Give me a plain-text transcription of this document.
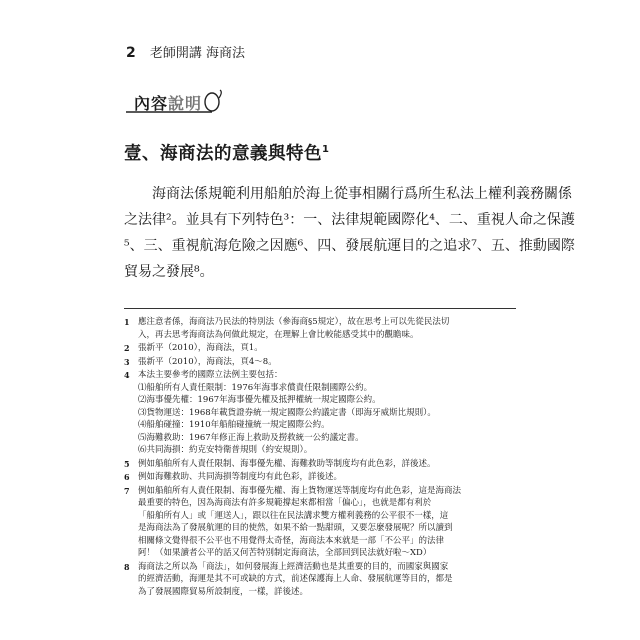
2 老師開講 海商法
內容說明
壹、海商法的意義與特色$^1$
海商法係規範利用船舶於海上從事相關行爲所生私法上權利義務關係
之法律²。並具有下列特色³：一、法律規範國際化⁴、二、重視人命之保護
⁵、三、重視航海危險之因應⁶、四、發展航運目的之追求⁷、五、推動國際
貿易之發展⁸。
1 應注意者係，海商法乃民法的特別法（參海商§5規定），故在思考上可以先從民法切
入，再去思考海商法為何做此規定，在理解上會比較能感受其中的觀瞻味。
2 張新平（2010），海商法，頁1。
3 張新平（2010），海商法，頁4～8。
4 本法主要參考的國際立法例主要包括：
⑴船舶所有人責任限制：1976年海事求償責任限制國際公約。
⑵海事優先權：1967年海事優先權及抵押權統一規定國際公約。
⑶貨物運送：1968年載貨證券統一規定國際公約議定書（即海牙威斯比規則）。
⑷船舶碰撞：1910年船舶碰撞統一規定國際公約。
⑸海難救助：1967年修正海上救助及撈救統一公約議定書。
⑹共同海損：約克安特衛普規則（約安規則）。
5 例如船舶所有人責任限制、海事優先權、海難救助等制度均有此色彩，詳後述。
6 例如海難救助、共同海損等制度均有此色彩，詳後述。
7 例如船舶所有人責任限制、海事優先權、海上貨物運送等制度均有此色彩，這是海商法
最重要的特色，因為海商法有許多規範撐起來都相當「偏心」，也就是都有利於
「船舶所有人」或「運送人」，跟以往在民法講求雙方權利義務的公平很不一樣，這
是海商法為了發展航運的目的使然，如果不給一點甜頭，又要怎麼發展呢？所以讀到
相關條文覺得很不公平也不用覺得太奇怪，海商法本來就是一部「不公平」的法律
阿！（如果讀者公平的話又何苦特別制定海商法，全部回到民法就好啦～XD）
8 海商法之所以為「商法」，如何發展海上經濟活動也是其重要的目的，而國家與國家
的經濟活動，海運是其不可或缺的方式，前述保護海上人命、發展航運等目的，都是
為了發展國際貿易所設制度，一樣，詳後述。
